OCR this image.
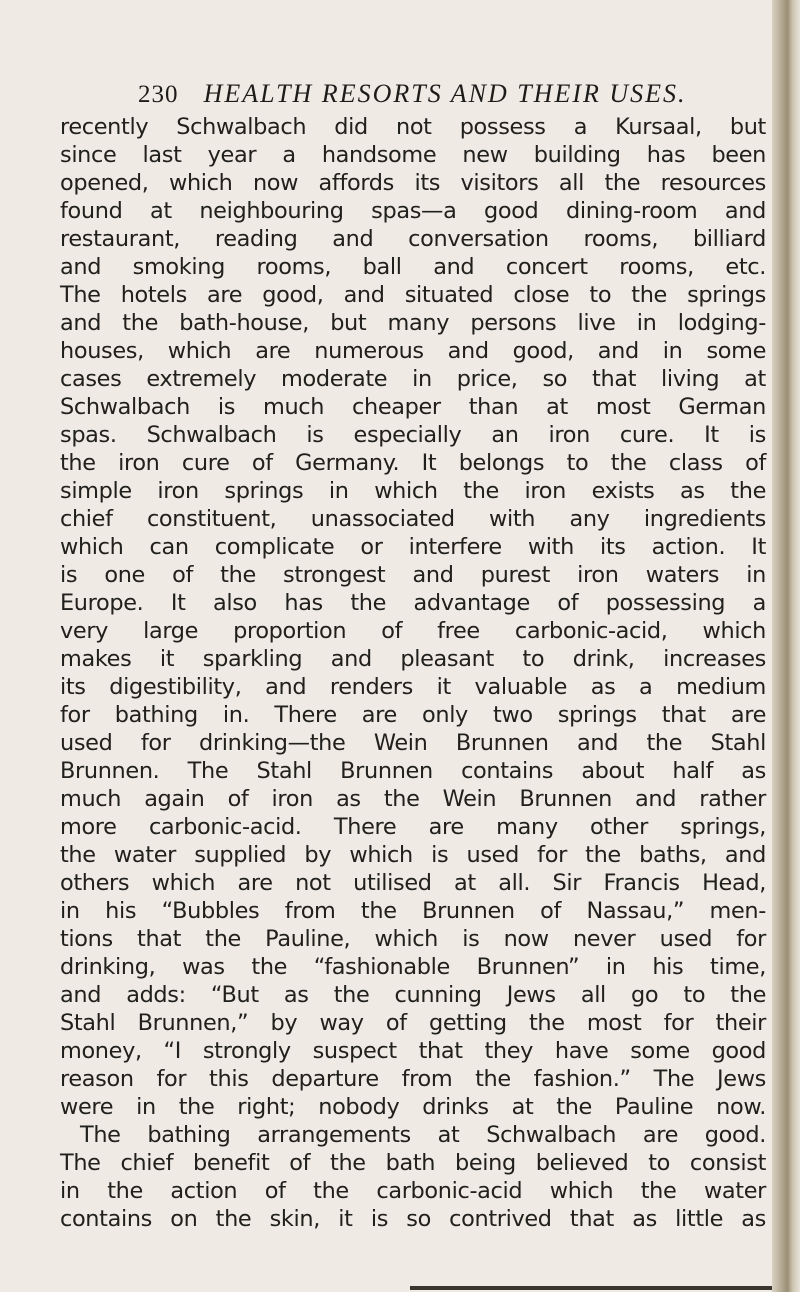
230 HEALTH RESORTS AND THEIR USES.
recently Schwalbach did not possess a Kursaal, but
since last year a handsome new building has been
opened, which now affords its visitors all the resources
found at neighbouring spas—a good dining-room and
restaurant, reading and conversation rooms, billiard
and smoking rooms, ball and concert rooms, etc.
The hotels are good, and situated close to the springs
and the bath-house, but many persons live in lodging-
houses, which are numerous and good, and in some
cases extremely moderate in price, so that living at
Schwalbach is much cheaper than at most German
spas. Schwalbach is especially an iron cure. It is
the iron cure of Germany. It belongs to the class of
simple iron springs in which the iron exists as the
chief constituent, unassociated with any ingredients
which can complicate or interfere with its action. It
is one of the strongest and purest iron waters in
Europe. It also has the advantage of possessing a
very large proportion of free carbonic-acid, which
makes it sparkling and pleasant to drink, increases
its digestibility, and renders it valuable as a medium
for bathing in. There are only two springs that are
used for drinking—the Wein Brunnen and the Stahl
Brunnen. The Stahl Brunnen contains about half as
much again of iron as the Wein Brunnen and rather
more carbonic-acid. There are many other springs,
the water supplied by which is used for the baths, and
others which are not utilised at all. Sir Francis Head,
in his “Bubbles from the Brunnen of Nassau,” men-
tions that the Pauline, which is now never used for
drinking, was the “fashionable Brunnen” in his time,
and adds: “But as the cunning Jews all go to the
Stahl Brunnen,” by way of getting the most for their
money, “I strongly suspect that they have some good
reason for this departure from the fashion.” The Jews
were in the right; nobody drinks at the Pauline now.
The bathing arrangements at Schwalbach are good.
The chief benefit of the bath being believed to consist
in the action of the carbonic-acid which the water
contains on the skin, it is so contrived that as little as
